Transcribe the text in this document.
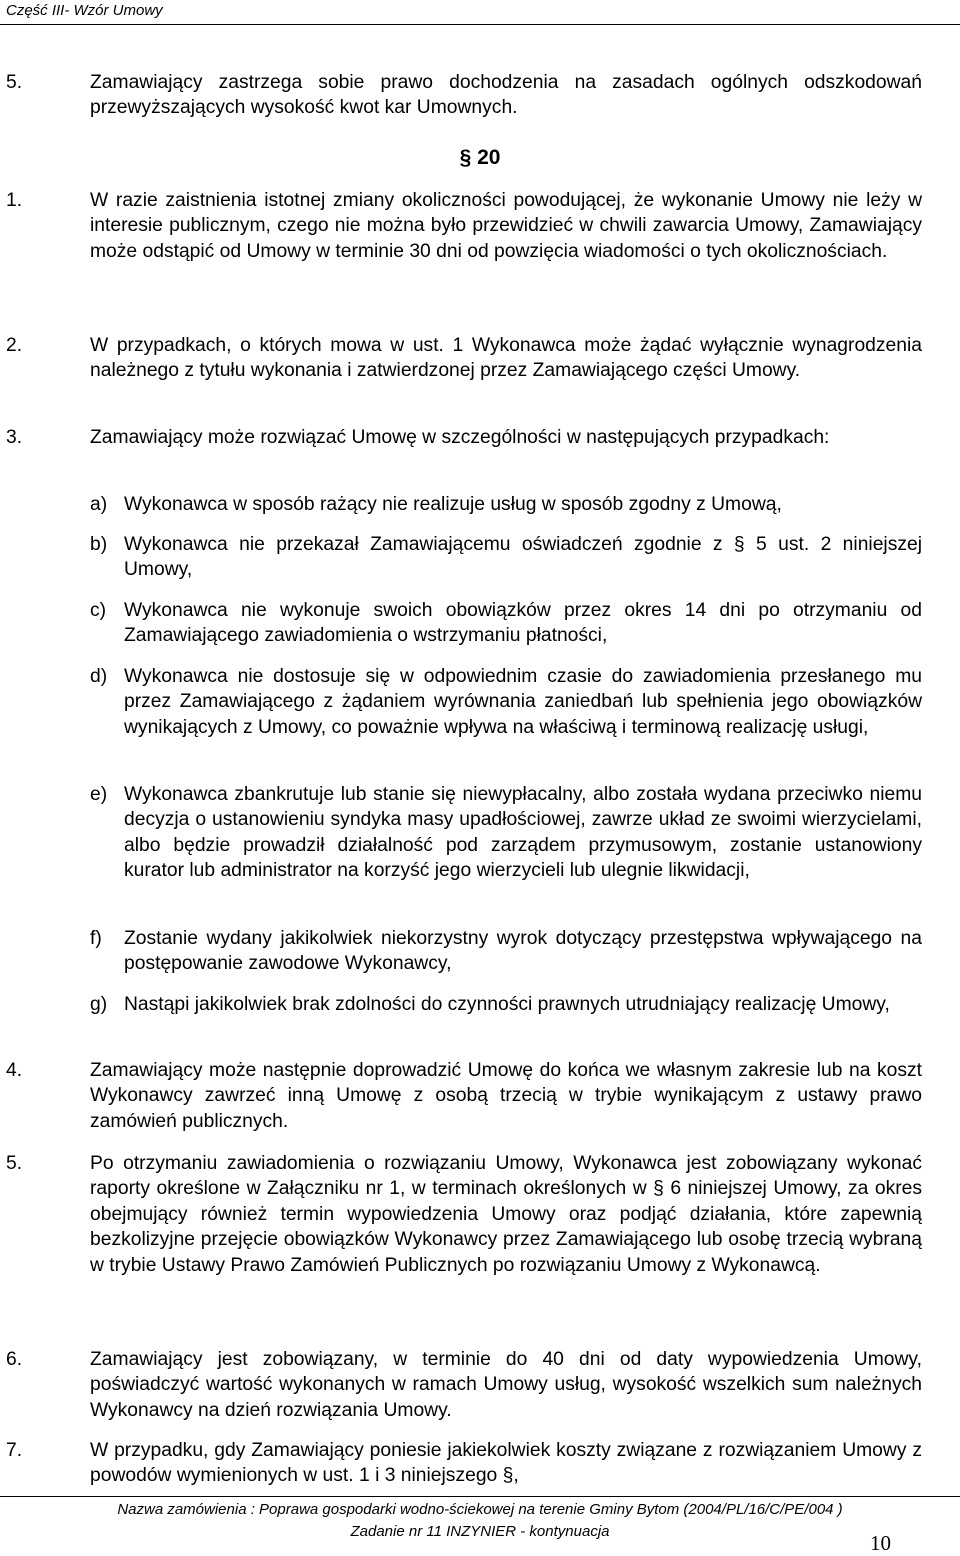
Część III- Wzór Umowy
5.	Zamawiający zastrzega sobie prawo dochodzenia na zasadach ogólnych odszkodowań przewyższających wysokość kwot kar Umownych.
§ 20
1.	W razie zaistnienia istotnej zmiany okoliczności powodującej, że wykonanie Umowy nie leży w interesie publicznym, czego nie można było przewidzieć w chwili zawarcia Umowy, Zamawiający może odstąpić od Umowy w terminie 30 dni od powzięcia wiadomości o tych okolicznościach.
2.	W przypadkach, o których mowa w ust. 1 Wykonawca może żądać wyłącznie wynagrodzenia należnego z tytułu wykonania i zatwierdzonej przez Zamawiającego części Umowy.
3.	Zamawiający może rozwiązać Umowę w szczególności w następujących przypadkach:
a) Wykonawca w sposób rażący nie realizuje usług w sposób zgodny z Umową,
b) Wykonawca nie przekazał Zamawiającemu oświadczeń zgodnie z § 5 ust. 2 niniejszej Umowy,
c) Wykonawca nie wykonuje swoich obowiązków przez okres 14 dni po otrzymaniu od Zamawiającego zawiadomienia o wstrzymaniu płatności,
d) Wykonawca nie dostosuje się w odpowiednim czasie do zawiadomienia przesłanego mu przez Zamawiającego z żądaniem wyrównania zaniedbań lub spełnienia jego obowiązków wynikających z Umowy, co poważnie wpływa na właściwą i terminową realizację usługi,
e) Wykonawca zbankrutuje lub stanie się niewypłacalny, albo została wydana przeciwko niemu decyzja o ustanowieniu syndyka masy upadłościowej, zawrze układ ze swoimi wierzycielami, albo będzie prowadził działalność pod zarządem przymusowym, zostanie ustanowiony kurator lub administrator na korzyść jego wierzycieli lub ulegnie likwidacji,
f) Zostanie wydany jakikolwiek niekorzystny wyrok dotyczący przestępstwa wpływającego na postępowanie zawodowe Wykonawcy,
g) Nastąpi jakikolwiek brak zdolności do czynności prawnych utrudniający realizację Umowy,
4.	Zamawiający może następnie doprowadzić Umowę do końca we własnym zakresie lub na koszt Wykonawcy zawrzeć inną Umowę z osobą trzecią w trybie wynikającym z ustawy prawo zamówień publicznych.
5.	Po otrzymaniu zawiadomienia o rozwiązaniu Umowy, Wykonawca jest zobowiązany wykonać raporty określone w Załączniku nr 1, w terminach określonych w § 6 niniejszej Umowy, za okres obejmujący również termin wypowiedzenia Umowy oraz podjąć działania, które zapewnią bezkolizyjne przejęcie obowiązków Wykonawcy przez Zamawiającego lub osobę trzecią wybraną w trybie Ustawy Prawo Zamówień Publicznych po rozwiązaniu Umowy z Wykonawcą.
6.	Zamawiający jest zobowiązany, w terminie do 40 dni od daty wypowiedzenia Umowy, poświadczyć wartość wykonanych w ramach Umowy usług, wysokość wszelkich sum należnych Wykonawcy na dzień rozwiązania Umowy.
7.	W przypadku, gdy Zamawiający poniesie jakiekolwiek koszty związane z rozwiązaniem Umowy z powodów wymienionych w ust. 1 i 3 niniejszego §,
Nazwa zamówienia : Poprawa gospodarki wodno-ściekowej na terenie Gminy Bytom (2004/PL/16/C/PE/004 )
Zadanie nr 11 INZYNIER - kontynuacja	10
